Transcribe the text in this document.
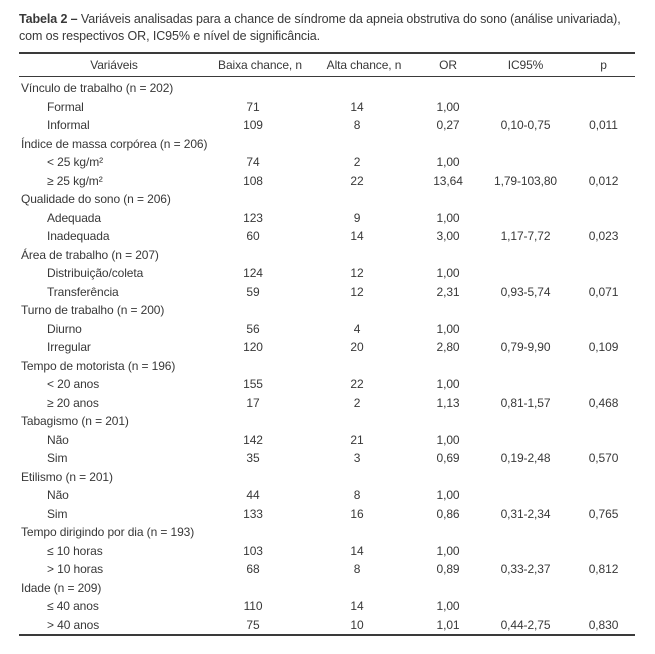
Tabela 2 – Variáveis analisadas para a chance de síndrome da apneia obstrutiva do sono (análise univariada), com os respectivos OR, IC95% e nível de significância.

Variáveis	Baixa chance, n	Alta chance, n	OR	IC95%	p
Vínculo de trabalho (n = 202)					
Formal	71	14	1,00		
Informal	109	8	0,27	0,10-0,75	0,011
Índice de massa corpórea (n = 206)					
< 25 kg/m²	74	2	1,00		
≥ 25 kg/m²	108	22	13,64	1,79-103,80	0,012
Qualidade do sono (n = 206)					
Adequada	123	9	1,00		
Inadequada	60	14	3,00	1,17-7,72	0,023
Área de trabalho (n = 207)					
Distribuição/coleta	124	12	1,00		
Transferência	59	12	2,31	0,93-5,74	0,071
Turno de trabalho (n = 200)					
Diurno	56	4	1,00		
Irregular	120	20	2,80	0,79-9,90	0,109
Tempo de motorista (n = 196)					
< 20 anos	155	22	1,00		
≥ 20 anos	17	2	1,13	0,81-1,57	0,468
Tabagismo (n = 201)					
Não	142	21	1,00		
Sim	35	3	0,69	0,19-2,48	0,570
Etilismo (n = 201)					
Não	44	8	1,00		
Sim	133	16	0,86	0,31-2,34	0,765
Tempo dirigindo por dia (n = 193)					
≤ 10 horas	103	14	1,00		
> 10 horas	68	8	0,89	0,33-2,37	0,812
Idade (n = 209)					
≤ 40 anos	110	14	1,00		
> 40 anos	75	10	1,01	0,44-2,75	0,830
